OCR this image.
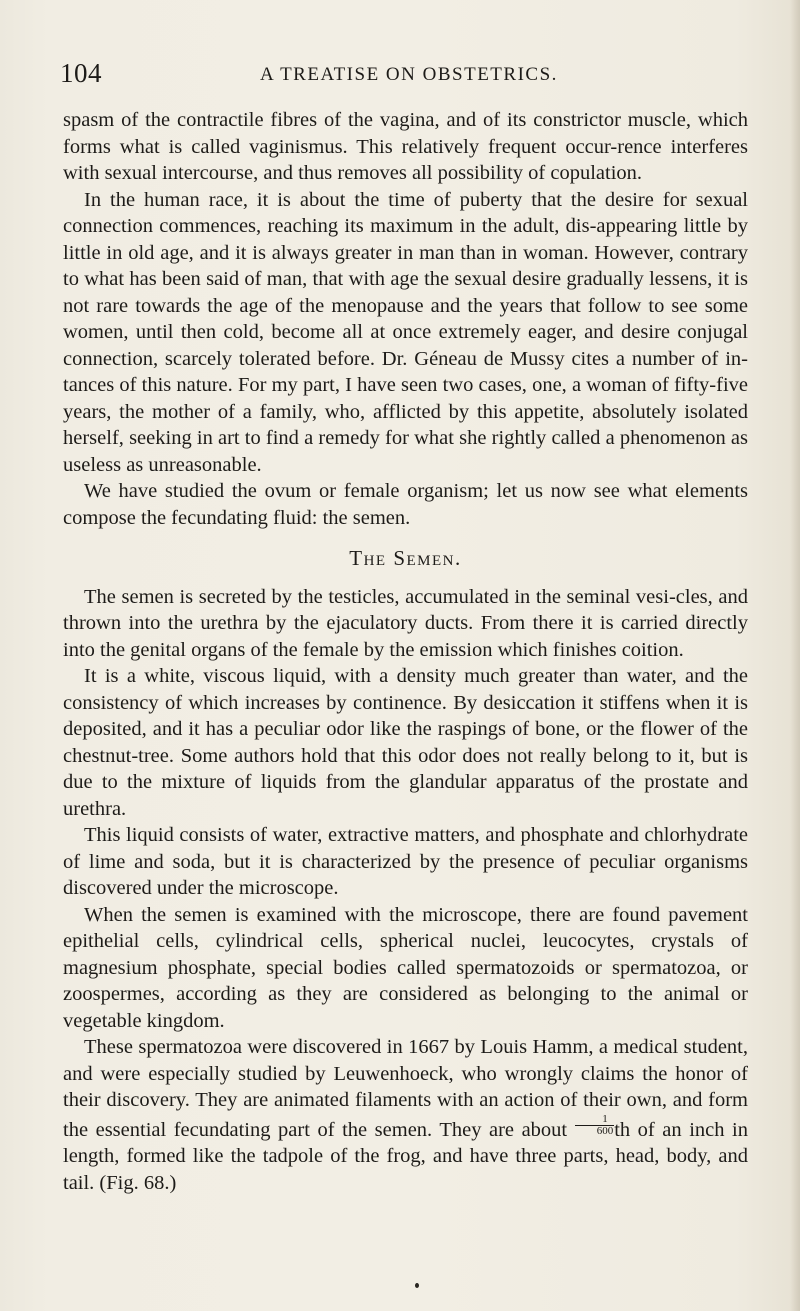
104	A TREATISE ON OBSTETRICS.

spasm of the contractile fibres of the vagina, and of its constrictor muscle, which forms what is called vaginismus. This relatively frequent occur-rence interferes with sexual intercourse, and thus removes all possibility of copulation.

In the human race, it is about the time of puberty that the desire for sexual connection commences, reaching its maximum in the adult, dis-appearing little by little in old age, and it is always greater in man than in woman. However, contrary to what has been said of man, that with age the sexual desire gradually lessens, it is not rare towards the age of the menopause and the years that follow to see some women, until then cold, become all at once extremely eager, and desire conjugal connection, scarcely tolerated before. Dr. Géneau de Mussy cites a number of in-tances of this nature. For my part, I have seen two cases, one, a woman of fifty-five years, the mother of a family, who, afflicted by this appetite, absolutely isolated herself, seeking in art to find a remedy for what she rightly called a phenomenon as useless as unreasonable.

We have studied the ovum or female organism; let us now see what elements compose the fecundating fluid: the semen.

The Semen.

The semen is secreted by the testicles, accumulated in the seminal vesi-cles, and thrown into the urethra by the ejaculatory ducts. From there it is carried directly into the genital organs of the female by the emission which finishes coition.

It is a white, viscous liquid, with a density much greater than water, and the consistency of which increases by continence. By desiccation it stiffens when it is deposited, and it has a peculiar odor like the raspings of bone, or the flower of the chestnut-tree. Some authors hold that this odor does not really belong to it, but is due to the mixture of liquids from the glandular apparatus of the prostate and urethra.

This liquid consists of water, extractive matters, and phosphate and chlorhydrate of lime and soda, but it is characterized by the presence of peculiar organisms discovered under the microscope.

When the semen is examined with the microscope, there are found pavement epithelial cells, cylindrical cells, spherical nuclei, leucocytes, crystals of magnesium phosphate, special bodies called spermatozoids or spermatozoa, or zoospermes, according as they are considered as belonging to the animal or vegetable kingdom.

These spermatozoa were discovered in 1667 by Louis Hamm, a medical student, and were especially studied by Leuwenhoeck, who wrongly claims the honor of their discovery. They are animated filaments with an action of their own, and form the essential fecundating part of the semen. They are about $\frac{1}{600}$ th of an inch in length, formed like the tadpole of the frog, and have three parts, head, body, and tail. (Fig. 68.)
